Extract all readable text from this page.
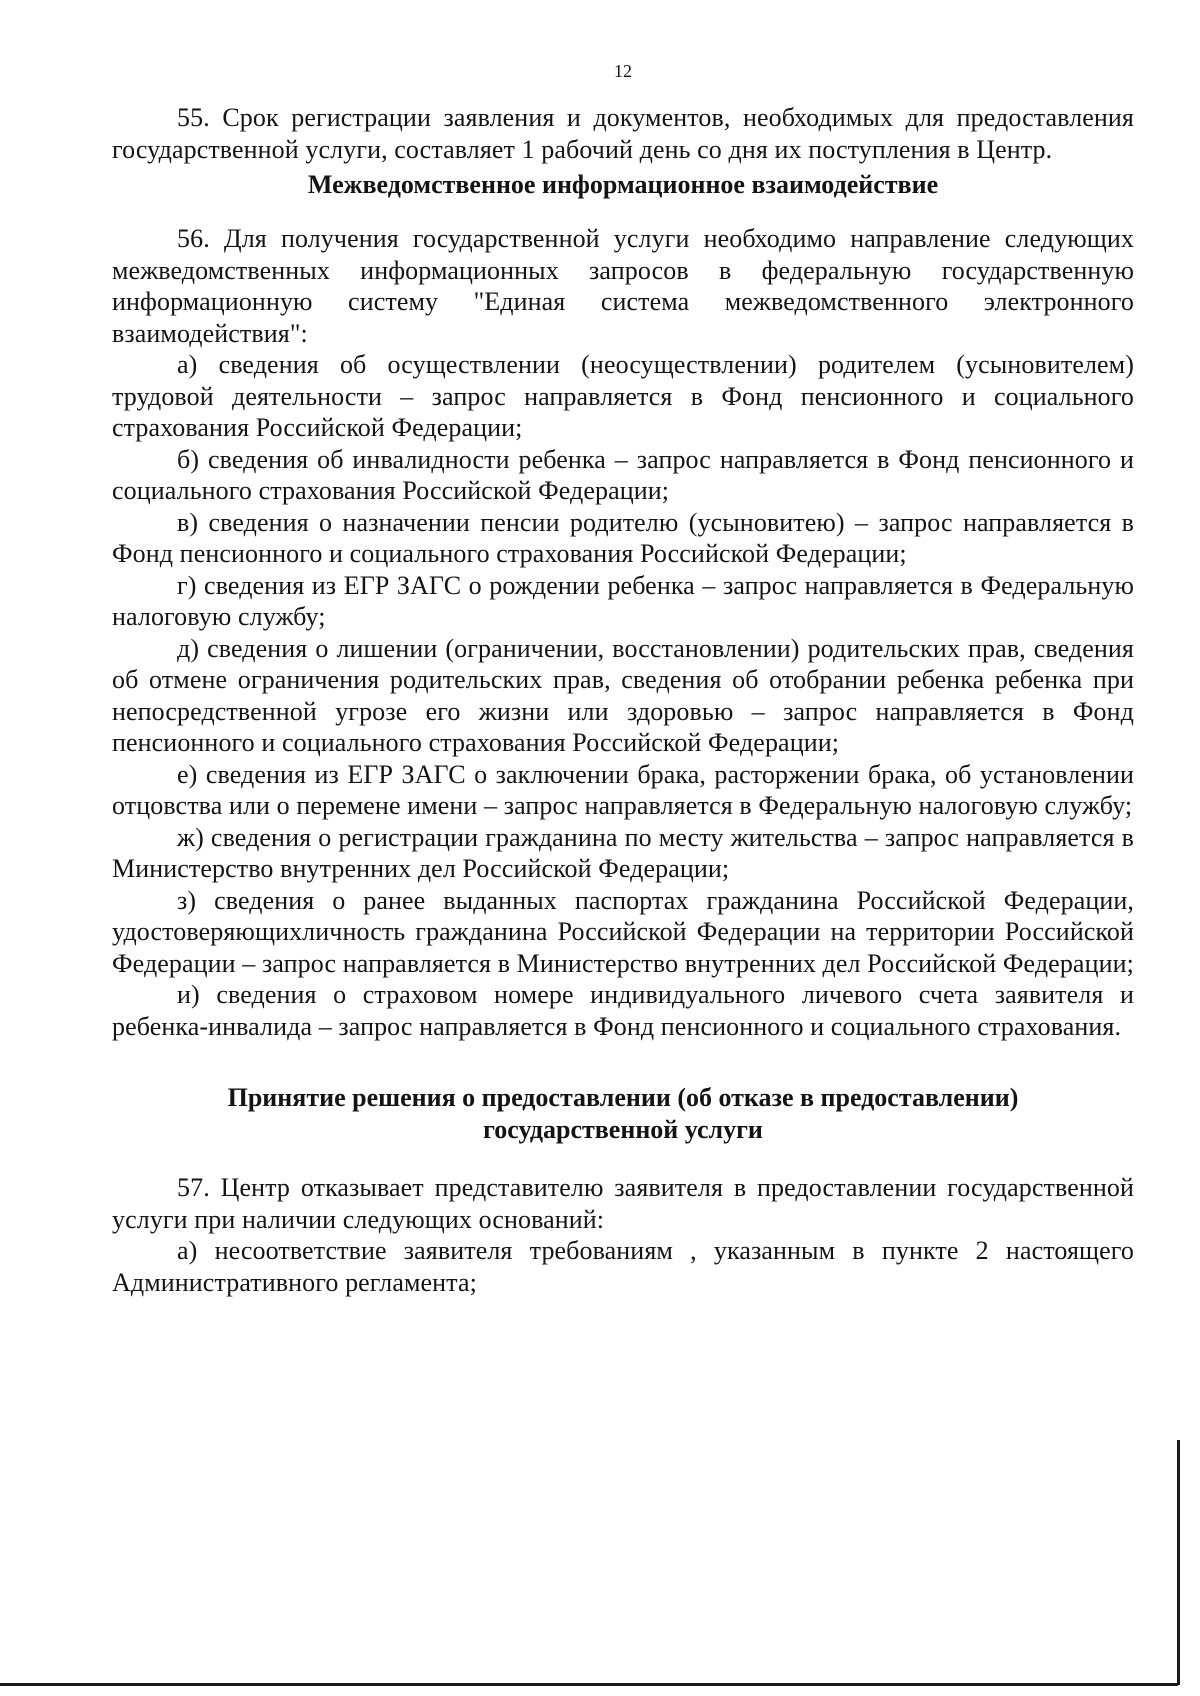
12

55. Срок регистрации заявления и документов, необходимых для предоставления государственной услуги, составляет 1 рабочий день со дня их поступления в Центр.

Межведомственное информационное взаимодействие

56. Для получения государственной услуги необходимо направление следующих межведомственных информационных запросов в федеральную государственную информационную систему "Единая система межведомственного электронного взаимодействия":

а) сведения об осуществлении (неосуществлении) родителем (усыновителем) трудовой деятельности – запрос направляется в Фонд пенсионного и социального страхования Российской Федерации;

б) сведения об инвалидности ребенка – запрос направляется в Фонд пенсионного и социального страхования Российской Федерации;

в) сведения о назначении пенсии родителю (усыновитею) – запрос направляется в Фонд пенсионного и социального страхования Российской Федерации;

г) сведения из ЕГР ЗАГС о рождении ребенка – запрос направляется в Федеральную налоговую службу;

д) сведения о лишении (ограничении, восстановлении) родительских прав, сведения об отмене ограничения родительских прав, сведения об отобрании ребенка ребенка при непосредственной угрозе его жизни или здоровью – запрос направляется в Фонд пенсионного и социального страхования Российской Федерации;

е) сведения из ЕГР ЗАГС о заключении брака, расторжении брака, об установлении отцовства или о перемене имени – запрос направляется в Федеральную налоговую службу;

ж) сведения о регистрации гражданина по месту жительства – запрос направляется в Министерство внутренних дел Российской Федерации;

з) сведения о ранее выданных паспортах гражданина Российской Федерации, удостоверяющихличность гражданина Российской Федерации на территории Российской Федерации – запрос направляется в Министерство внутренних дел Российской Федерации;

и) сведения о страховом номере индивидуального личевого счета заявителя и ребенка-инвалида – запрос направляется в Фонд пенсионного и социального страхования.

Принятие решения о предоставлении (об отказе в предоставлении)
государственной услуги

57. Центр отказывает представителю заявителя в предоставлении государственной услуги при наличии следующих оснований:

а) несоответствие заявителя требованиям , указанным в пункте 2 настоящего Административного регламента;
